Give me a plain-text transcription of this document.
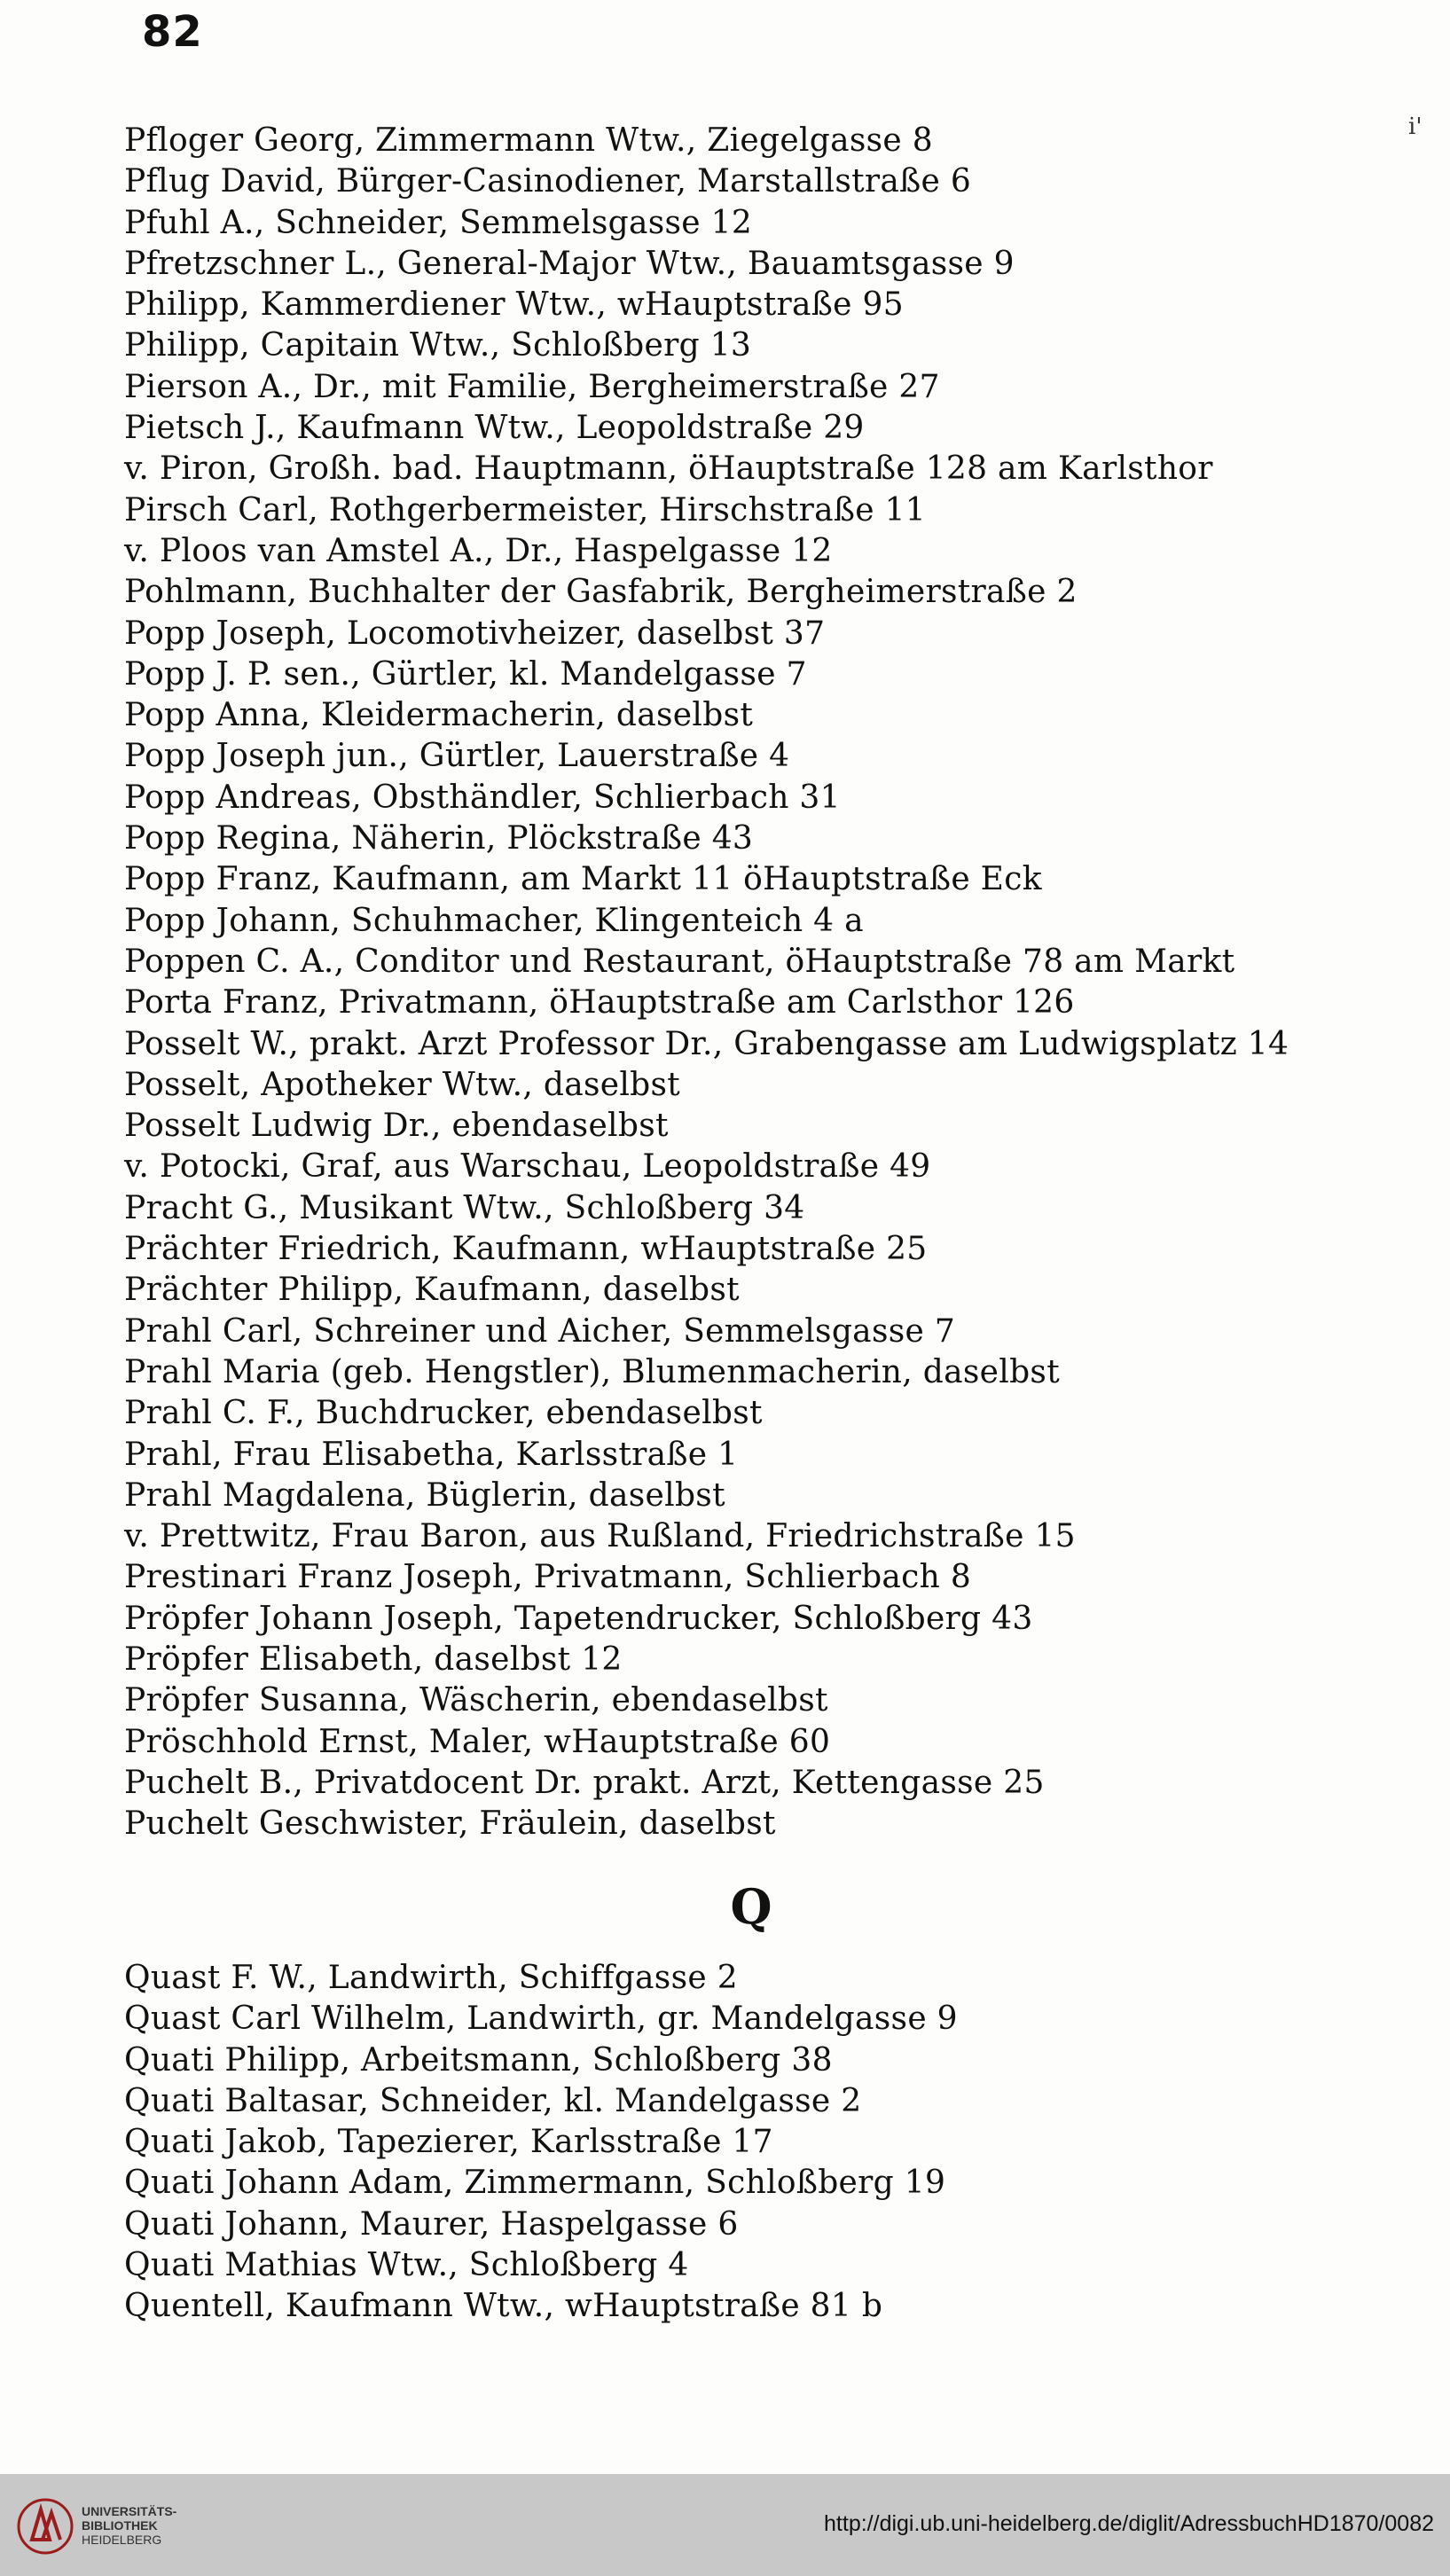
82
i'
Pfloger Georg, Zimmermann Wtw., Ziegelgasse 8
Pflug David, Bürger-Casinodiener, Marstallstraße 6
Pfuhl A., Schneider, Semmelsgasse 12
Pfretzschner L., General-Major Wtw., Bauamtsgasse 9
Philipp, Kammerdiener Wtw., wHauptstraße 95
Philipp, Capitain Wtw., Schloßberg 13
Pierson A., Dr., mit Familie, Bergheimerstraße 27
Pietsch J., Kaufmann Wtw., Leopoldstraße 29
v. Piron, Großh. bad. Hauptmann, öHauptstraße 128 am Karlsthor
Pirsch Carl, Rothgerbermeister, Hirschstraße 11
v. Ploos van Amstel A., Dr., Haspelgasse 12
Pohlmann, Buchhalter der Gasfabrik, Bergheimerstraße 2
Popp Joseph, Locomotivheizer, daselbst 37
Popp J. P. sen., Gürtler, kl. Mandelgasse 7
Popp Anna, Kleidermacherin, daselbst
Popp Joseph jun., Gürtler, Lauerstraße 4
Popp Andreas, Obsthändler, Schlierbach 31
Popp Regina, Näherin, Plöckstraße 43
Popp Franz, Kaufmann, am Markt 11 öHauptstraße Eck
Popp Johann, Schuhmacher, Klingenteich 4 a
Poppen C. A., Conditor und Restaurant, öHauptstraße 78 am Markt
Porta Franz, Privatmann, öHauptstraße am Carlsthor 126
Posselt W., prakt. Arzt Professor Dr., Grabengasse am Ludwigsplatz 14
Posselt, Apotheker Wtw., daselbst
Posselt Ludwig Dr., ebendaselbst
v. Potocki, Graf, aus Warschau, Leopoldstraße 49
Pracht G., Musikant Wtw., Schloßberg 34
Prächter Friedrich, Kaufmann, wHauptstraße 25
Prächter Philipp, Kaufmann, daselbst
Prahl Carl, Schreiner und Aicher, Semmelsgasse 7
Prahl Maria (geb. Hengstler), Blumenmacherin, daselbst
Prahl C. F., Buchdrucker, ebendaselbst
Prahl, Frau Elisabetha, Karlsstraße 1
Prahl Magdalena, Büglerin, daselbst
v. Prettwitz, Frau Baron, aus Rußland, Friedrichstraße 15
Prestinari Franz Joseph, Privatmann, Schlierbach 8
Pröpfer Johann Joseph, Tapetendrucker, Schloßberg 43
Pröpfer Elisabeth, daselbst 12
Pröpfer Susanna, Wäscherin, ebendaselbst
Pröschhold Ernst, Maler, wHauptstraße 60
Puchelt B., Privatdocent Dr. prakt. Arzt, Kettengasse 25
Puchelt Geschwister, Fräulein, daselbst
Q
Quast F. W., Landwirth, Schiffgasse 2
Quast Carl Wilhelm, Landwirth, gr. Mandelgasse 9
Quati Philipp, Arbeitsmann, Schloßberg 38
Quati Baltasar, Schneider, kl. Mandelgasse 2
Quati Jakob, Tapezierer, Karlsstraße 17
Quati Johann Adam, Zimmermann, Schloßberg 19
Quati Johann, Maurer, Haspelgasse 6
Quati Mathias Wtw., Schloßberg 4
Quentell, Kaufmann Wtw., wHauptstraße 81 b
UNIVERSITÄTS-
BIBLIOTHEK
HEIDELBERG
http://digi.ub.uni-heidelberg.de/diglit/AdressbuchHD1870/0082
